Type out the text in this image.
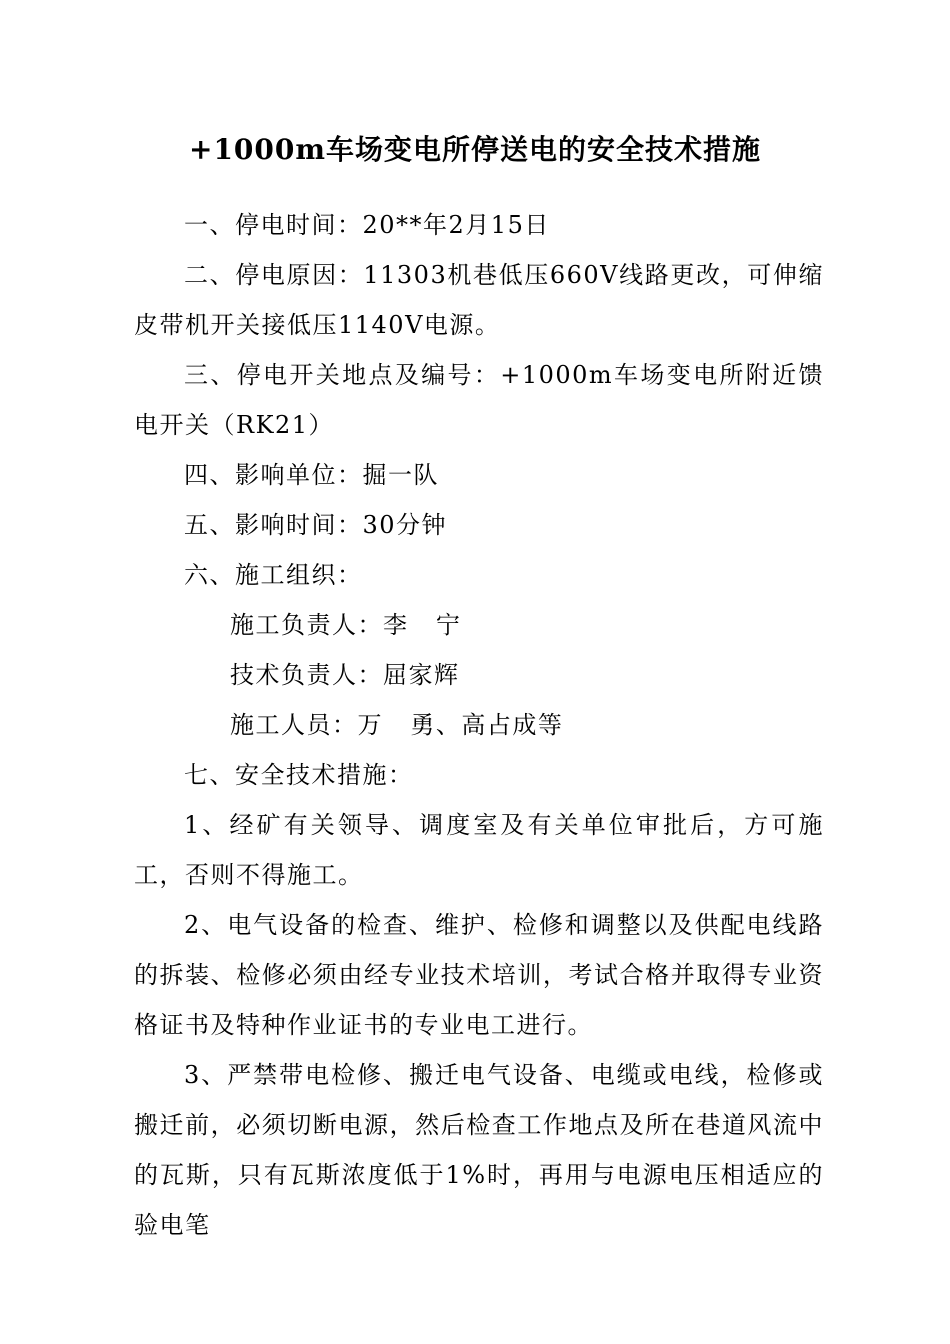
+1000m车场变电所停送电的安全技术措施

一、停电时间：20**年2月15日

二、停电原因：11303机巷低压660V线路更改，可伸缩皮带机开关接低压1140V电源。

三、停电开关地点及编号：+1000m车场变电所附近馈电开关（RK21）

四、影响单位：掘一队

五、影响时间：30分钟

六、施工组织：

施工负责人：李   宁

技术负责人：屈家辉

施工人员：万   勇、高占成等

七、安全技术措施：

1、经矿有关领导、调度室及有关单位审批后，方可施工，否则不得施工。

2、电气设备的检查、维护、检修和调整以及供配电线路的拆装、检修必须由经专业技术培训，考试合格并取得专业资格证书及特种作业证书的专业电工进行。

3、严禁带电检修、搬迁电气设备、电缆或电线，检修或搬迁前，必须切断电源，然后检查工作地点及所在巷道风流中的瓦斯，只有瓦斯浓度低于1%时，再用与电源电压相适应的验电笔
